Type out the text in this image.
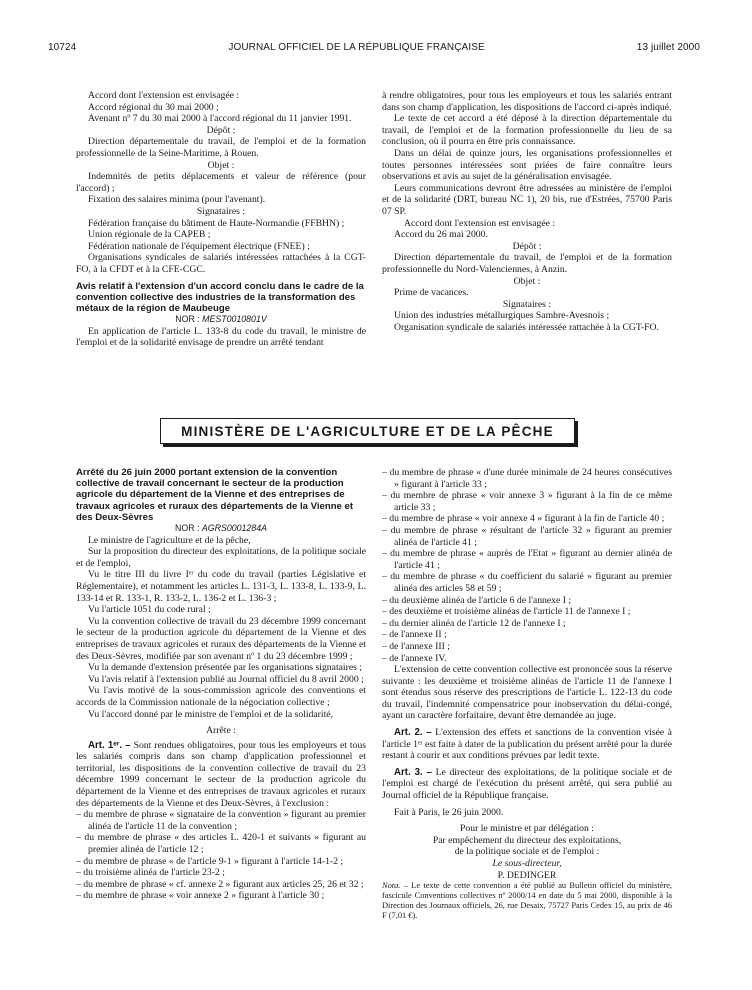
10724	JOURNAL OFFICIEL DE LA RÉPUBLIQUE FRANÇAISE	13 juillet 2000

Accord dont l'extension est envisagée :

Accord régional du 30 mai 2000 ;

Avenant nº 7 du 30 mai 2000 à l'accord régional du 11 janvier 1991.

Dépôt :

Direction départementale du travail, de l'emploi et de la formation professionnelle de la Seine-Maritime, à Rouen.

Objet :

Indemnités de petits déplacements et valeur de référence (pour l'accord) ;

Fixation des salaires minima (pour l'avenant).

Signataires :

Fédération française du bâtiment de Haute-Normandie (FFBHN) ;

Union régionale de la CAPEB ;

Fédération nationale de l'équipement électrique (FNEE) ;

Organisations syndicales de salariés intéressées rattachées à la CGT-FO, à la CFDT et à la CFE-CGC.

Avis relatif à l'extension d'un accord conclu dans le cadre de la convention collective des industries de la transformation des métaux de la région de Maubeuge

NOR : MEST0010801V

En application de l'article L. 133-8 du code du travail, le ministre de l'emploi et de la solidarité envisage de prendre un arrêté tendant

à rendre obligatoires, pour tous les employeurs et tous les salariés entrant dans son champ d'application, les dispositions de l'accord ci-après indiqué.

Le texte de cet accord a été déposé à la direction départementale du travail, de l'emploi et de la formation professionnelle du lieu de sa conclusion, où il pourra en être pris connaissance.

Dans un délai de quinze jours, les organisations professionnelles et toutes personnes intéressées sont priées de faire connaître leurs observations et avis au sujet de la généralisation envisagée.

Leurs communications devront être adressées au ministère de l'emploi et de la solidarité (DRT, bureau NC 1), 20 bis, rue d'Estrées, 75700 Paris 07 SP.

Accord dont l'extension est envisagée :

Accord du 26 mai 2000.

Dépôt :

Direction départementale du travail, de l'emploi et de la formation professionnelle du Nord-Valenciennes, à Anzin.

Objet :

Prime de vacances.

Signataires :

Union des industries métallurgiques Sambre-Avesnois ;

Organisation syndicale de salariés intéressée rattachée à la CGT-FO.

MINISTÈRE DE L'AGRICULTURE ET DE LA PÊCHE

Arrêté du 26 juin 2000 portant extension de la convention collective de travail concernant le secteur de la production agricole du département de la Vienne et des entreprises de travaux agricoles et ruraux des départements de la Vienne et des Deux-Sèvres

NOR : AGRS0001284A

Le ministre de l'agriculture et de la pêche,

Sur la proposition du directeur des exploitations, de la politique sociale et de l'emploi,

Vu le titre III du livre Iᵉʳ du code du travail (parties Législative et Réglementaire), et notamment les articles L. 131-3, L. 133-8, L. 133-9, L. 133-14 et R. 133-1, R. 133-2, L. 136-2 et L. 136-3 ;

Vu l'article 1051 du code rural ;

Vu la convention collective de travail du 23 décembre 1999 concernant le secteur de la production agricole du département de la Vienne et des entreprises de travaux agricoles et ruraux des départements de la Vienne et des Deux-Sèvres, modifiée par son avenant nº 1 du 23 décembre 1999 ;

Vu la demande d'extension présentée par les organisations signataires ;

Vu l'avis relatif à l'extension publié au Journal officiel du 8 avril 2000 ;

Vu l'avis motivé de la sous-commission agricole des conventions et accords de la Commission nationale de la négociation collective ;

Vu l'accord donné par le ministre de l'emploi et de la solidarité,

Arrête :

Art. 1ᵉʳ. – Sont rendues obligatoires, pour tous les employeurs et tous les salariés compris dans son champ d'application professionnel et territorial, les dispositions de la convention collective de travail du 23 décembre 1999 concernant le secteur de la production agricole du département de la Vienne et des entreprises de travaux agricoles et ruraux des départements de la Vienne et des Deux-Sèvres, à l'exclusion :

– du membre de phrase « signataire de la convention » figurant au premier alinéa de l'article 11 de la convention ;
– du membre de phrase « des articles L. 420-1 et suivants » figurant au premier alinéa de l'article 12 ;
– du membre de phrase « de l'article 9-1 » figurant à l'article 14-1-2 ;
– du troisième alinéa de l'article 23-2 ;
– du membre de phrase « cf. annexe 2 » figurant aux articles 25, 26 et 32 ;
– du membre de phrase « voir annexe 2 » figurant à l'article 30 ;
– du membre de phrase « d'une durée minimale de 24 heures consécutives » figurant à l'article 33 ;
– du membre de phrase « voir annexe 3 » figurant à la fin de ce même article 33 ;
– du membre de phrase « voir annexe 4 » figurant à la fin de l'article 40 ;
– du membre de phrase « résultant de l'article 32 » figurant au premier alinéa de l'article 41 ;
– du membre de phrase « auprès de l'Etat » figurant au dernier alinéa de l'article 41 ;
– du membre de phrase « du coefficient du salarié » figurant au premier alinéa des articles 58 et 59 ;
– du deuxième alinéa de l'article 6 de l'annexe I ;
– des deuxième et troisième alinéas de l'article 11 de l'annexe I ;
– du dernier alinéa de l'article 12 de l'annexe I ;
– de l'annexe II ;
– de l'annexe III ;
– de l'annexe IV.

L'extension de cette convention collective est prononcée sous la réserve suivante : les deuxième et troisième alinéas de l'article 11 de l'annexe I sont étendus sous réserve des prescriptions de l'article L. 122-13 du code du travail, l'indemnité compensatrice pour inobservation du délai-congé, ayant un caractère forfaitaire, devant être demandée au juge.

Art. 2. – L'extension des effets et sanctions de la convention visée à l'article 1ᵉʳ est faite à dater de la publication du présent arrêté pour la durée restant à courir et aux conditions prévues par ledit texte.

Art. 3. – Le directeur des exploitations, de la politique sociale et de l'emploi est chargé de l'exécution du présent arrêté, qui sera publié au Journal officiel de la République française.

Fait à Paris, le 26 juin 2000.

Pour le ministre et par délégation :

Par empêchement du directeur des exploitations,

de la politique sociale et de l'emploi :

Le sous-directeur,

P. DEDINGER

Nota. – Le texte de cette convention a été publié au Bulletin officiel du ministère, fascicule Conventions collectives nº 2000/14 en date du 5 mai 2000, disponible à la Direction des Journaux officiels, 26, rue Desaix, 75727 Paris Cedex 15, au prix de 46 F (7,01 €).
